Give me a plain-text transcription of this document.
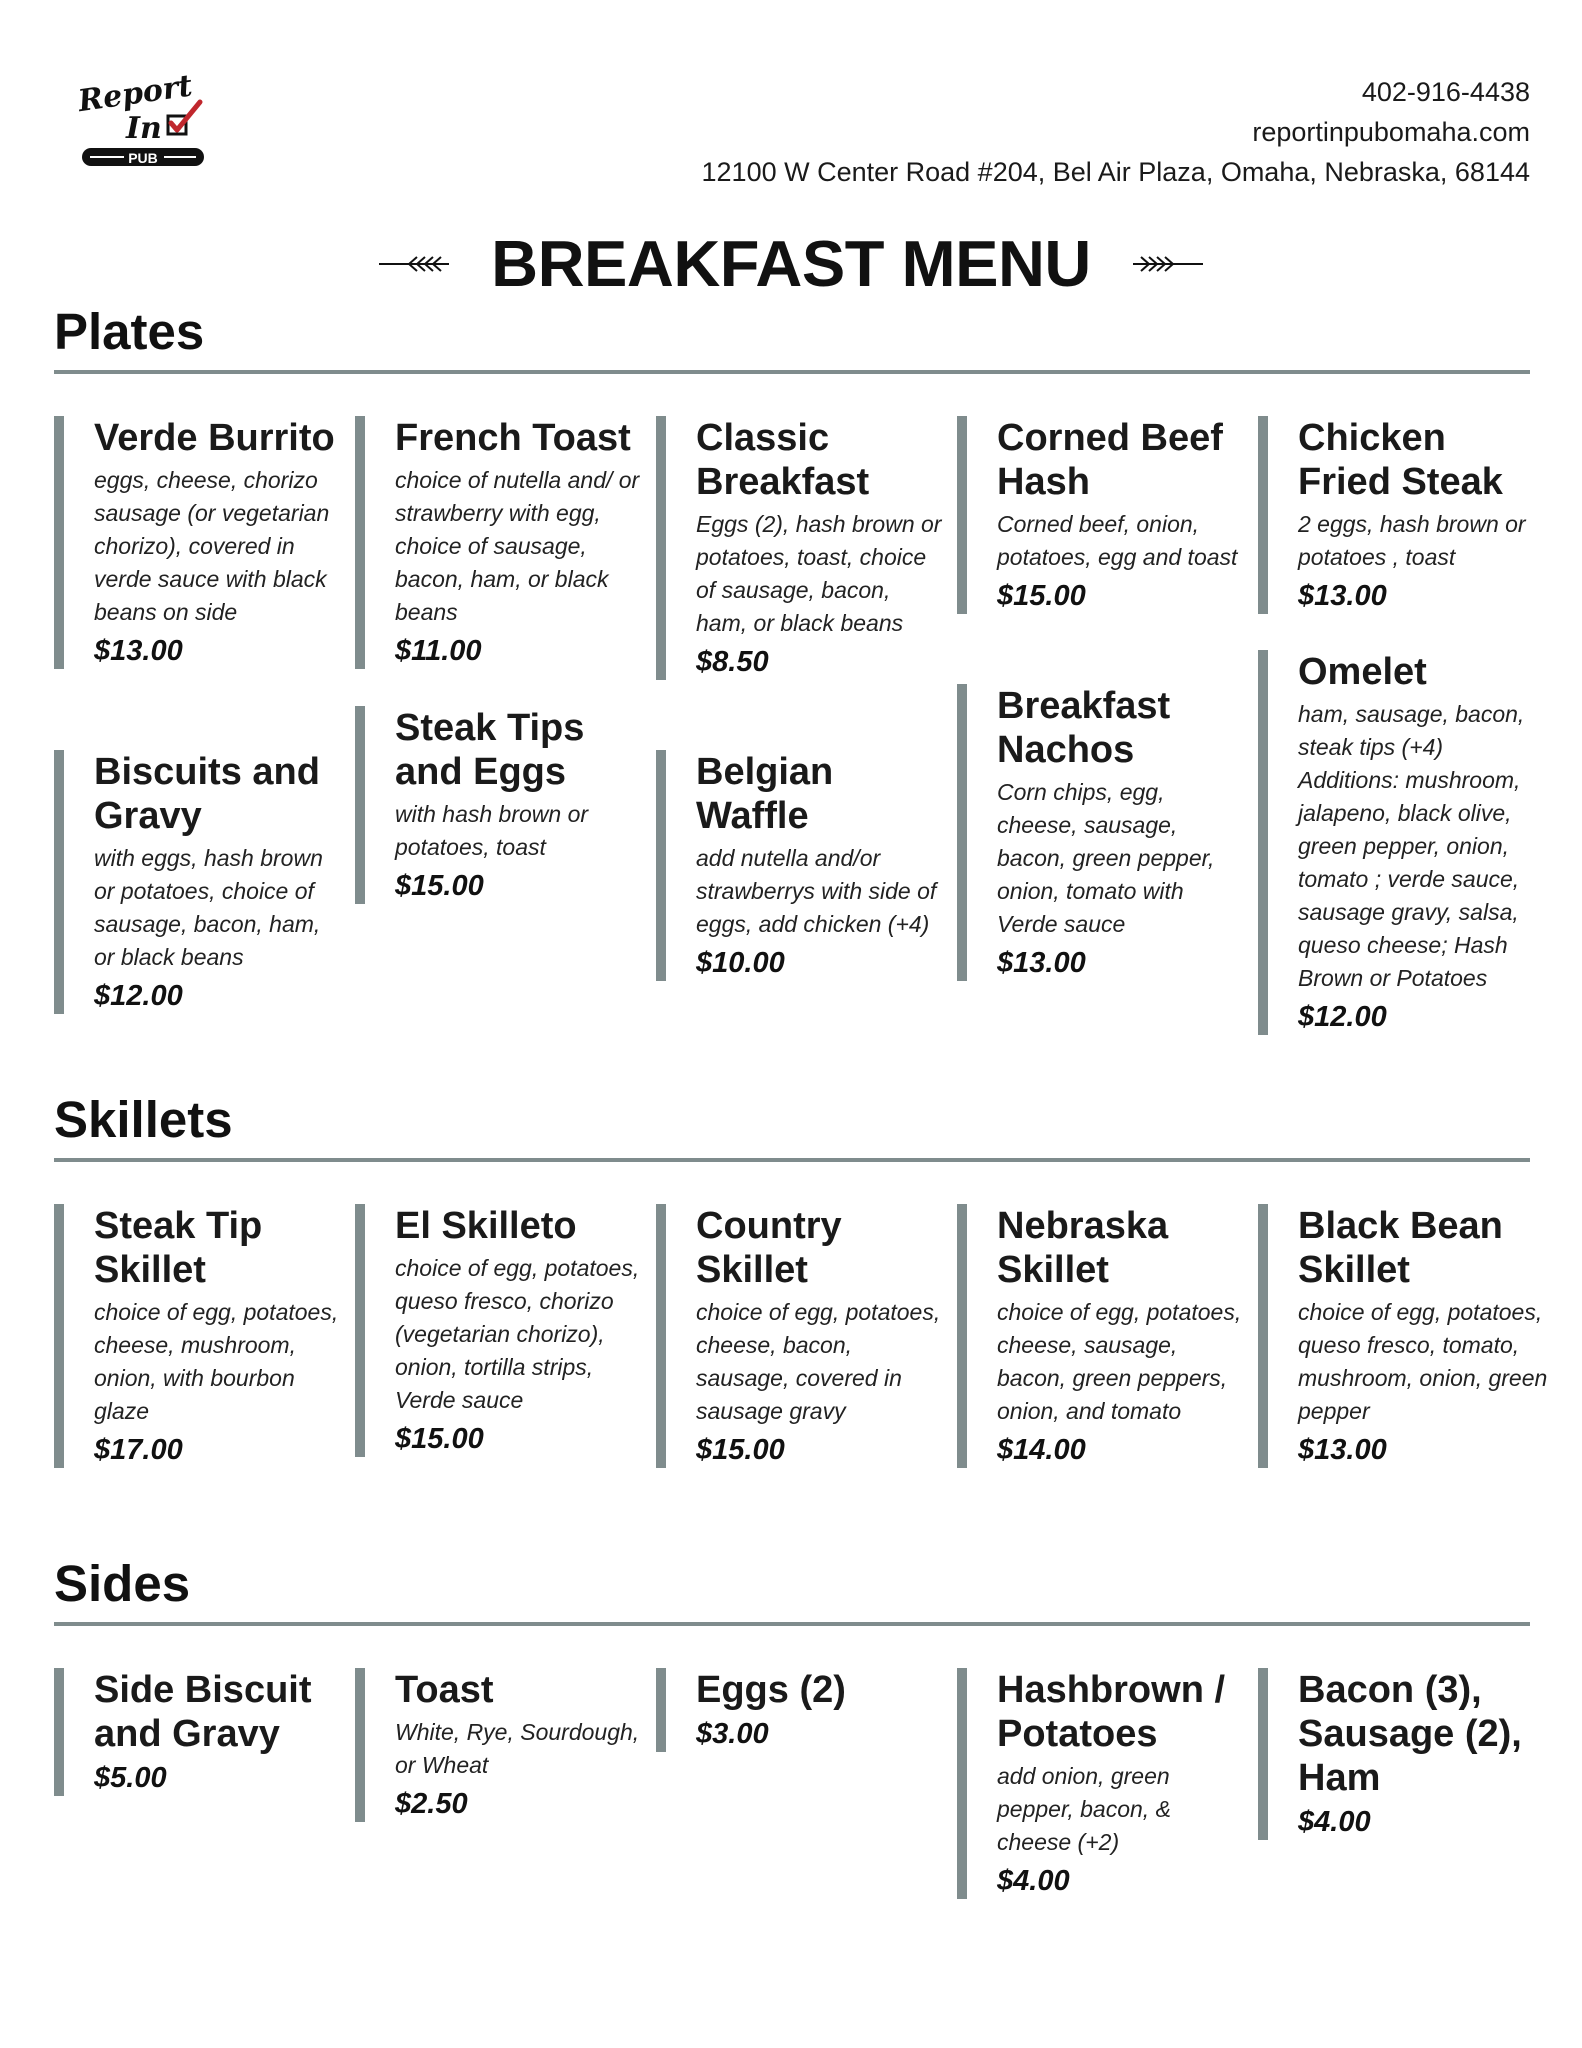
Report
In
PUB
402-916-4438
reportinpubomaha.com
12100 W Center Road #204, Bel Air Plaza, Omaha, Nebraska, 68144
BREAKFAST MENU
Plates
Verde Burrito
eggs, cheese, chorizo sausage (or vegetarian chorizo), covered in verde sauce with black beans on side
$13.00
Biscuits and Gravy
with eggs, hash brown or potatoes, choice of sausage, bacon, ham, or black beans
$12.00
French Toast
choice of nutella and/ or strawberry with egg, choice of sausage, bacon, ham, or black beans
$11.00
Steak Tips and Eggs
with hash brown or potatoes, toast
$15.00
Classic Breakfast
Eggs (2), hash brown or potatoes, toast, choice of sausage, bacon, ham, or black beans
$8.50
Belgian Waffle
add nutella and/or strawberrys with side of eggs, add chicken (+4)
$10.00
Corned Beef Hash
Corned beef, onion, potatoes, egg and toast
$15.00
Breakfast Nachos
Corn chips, egg, cheese, sausage, bacon, green pepper, onion, tomato with Verde sauce
$13.00
Chicken Fried Steak
2 eggs, hash brown or potatoes , toast
$13.00
Omelet
ham, sausage, bacon, steak tips (+4) Additions: mushroom, jalapeno, black olive, green pepper, onion, tomato ; verde sauce, sausage gravy, salsa, queso cheese; Hash Brown or Potatoes
$12.00
Skillets
Steak Tip Skillet
choice of egg, potatoes, cheese, mushroom, onion, with bourbon glaze
$17.00
El Skilleto
choice of egg, potatoes, queso fresco, chorizo (vegetarian chorizo), onion, tortilla strips, Verde sauce
$15.00
Country Skillet
choice of egg, potatoes, cheese, bacon, sausage, covered in sausage gravy
$15.00
Nebraska Skillet
choice of egg, potatoes, cheese, sausage, bacon, green peppers, onion, and tomato
$14.00
Black Bean Skillet
choice of egg, potatoes, queso fresco, tomato, mushroom, onion, green pepper
$13.00
Sides
Side Biscuit and Gravy
$5.00
Toast
White, Rye, Sourdough, or Wheat
$2.50
Eggs (2)
$3.00
Hashbrown / Potatoes
add onion, green pepper, bacon, & cheese (+2)
$4.00
Bacon (3), Sausage (2), Ham
$4.00
